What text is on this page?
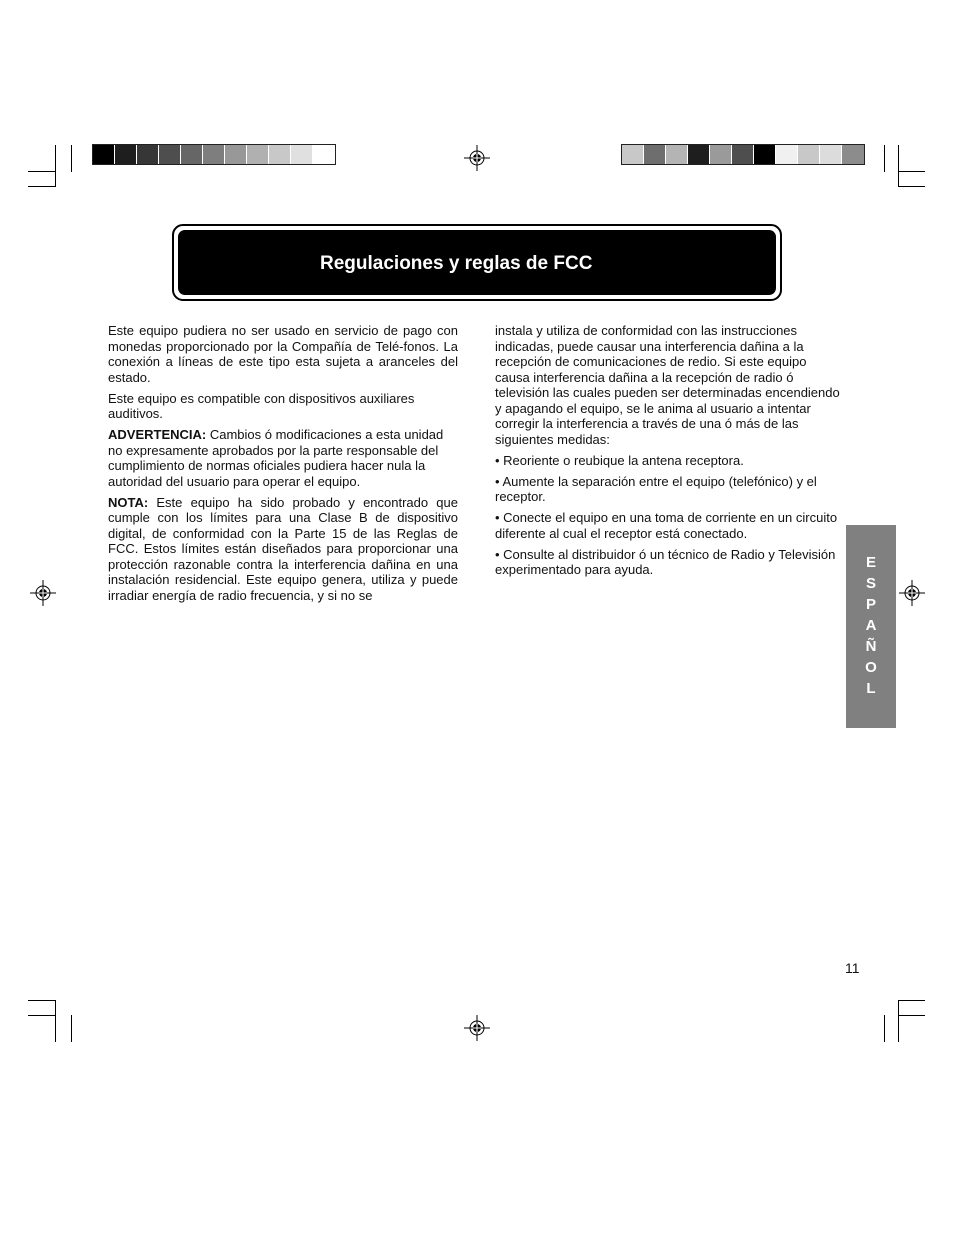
Regulaciones y reglas de FCC

Este equipo pudiera no ser usado en servicio de pago con monedas proporcionado por la Compañía de Telé-fonos. La conexión a líneas de este tipo esta sujeta a aranceles del estado.

Este equipo es compatible con dispositivos auxiliares auditivos.

ADVERTENCIA: Cambios ó modificaciones a esta unidad no expresamente aprobados por la parte responsable del cumplimiento de normas oficiales pudiera hacer nula la autoridad del usuario para operar el equipo.

NOTA: Este equipo ha sido probado y encontrado que cumple con los límites para una Clase B de dispositivo digital, de conformidad con la Parte 15 de las Reglas de FCC. Estos límites están diseñados para proporcionar una protección razonable contra la interferencia dañina en una instalación residencial. Este equipo genera, utiliza y puede irradiar energía de radio frecuencia, y si no se

instala y utiliza de conformidad con las instrucciones indicadas, puede causar una interferencia dañina a la recepción de comunicaciones de redio. Si este equipo causa interferencia dañina a la recepción de radio ó televisión las cuales pueden ser determinadas encendiendo y apagando el equipo, se le anima al usuario a intentar corregir la interferencia a través de una ó más de las siguientes medidas:

• Reoriente o reubique la antena receptora.

• Aumente la separación entre el equipo (telefónico) y el receptor.

• Conecte el equipo en una toma de corriente en un circuito diferente al cual el receptor está conectado.

• Consulte al distribuidor ó un técnico de Radio y Televisión experimentado para ayuda.	E
S
P
A
Ñ
O
L
11
